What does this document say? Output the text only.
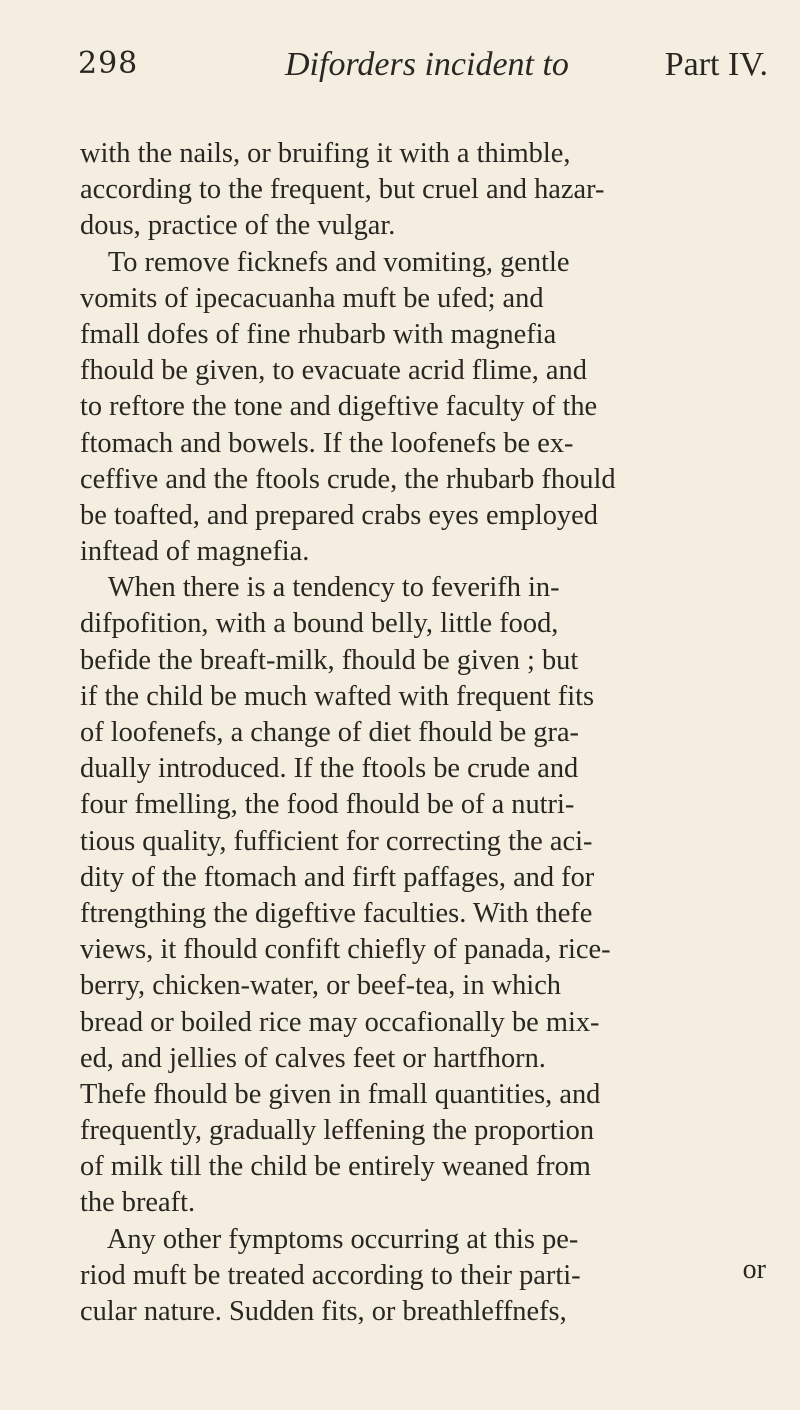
298	Diforders incident to	Part IV.
with the nails, or bruifing it with a thimble,
according to the frequent, but cruel and hazar-
dous, practice of the vulgar.
To remove ficknefs and vomiting, gentle
vomits of ipecacuanha muft be ufed; and
fmall dofes of fine rhubarb with magnefia
fhould be given, to evacuate acrid flime, and
to reftore the tone and digeftive faculty of the
ftomach and bowels. If the loofenefs be ex-
ceffive and the ftools crude, the rhubarb fhould
be toafted, and prepared crabs eyes employed
inftead of magnefia.
When there is a tendency to feverifh in-
difpofition, with a bound belly, little food,
befide the breaft-milk, fhould be given ; but
if the child be much wafted with frequent fits
of loofenefs, a change of diet fhould be gra-
dually introduced. If the ftools be crude and
four fmelling, the food fhould be of a nutri-
tious quality, fufficient for correcting the aci-
dity of the ftomach and firft paffages, and for
ftrengthing the digeftive faculties. With thefe
views, it fhould confift chiefly of panada, rice-
berry, chicken-water, or beef-tea, in which
bread or boiled rice may occafionally be mix-
ed, and jellies of calves feet or hartfhorn.
Thefe fhould be given in fmall quantities, and
frequently, gradually leffening the proportion
of milk till the child be entirely weaned from
the breaft.
Any other fymptoms occurring at this pe-
riod muft be treated according to their parti-
cular nature. Sudden fits, or breathleffnefs,
or
